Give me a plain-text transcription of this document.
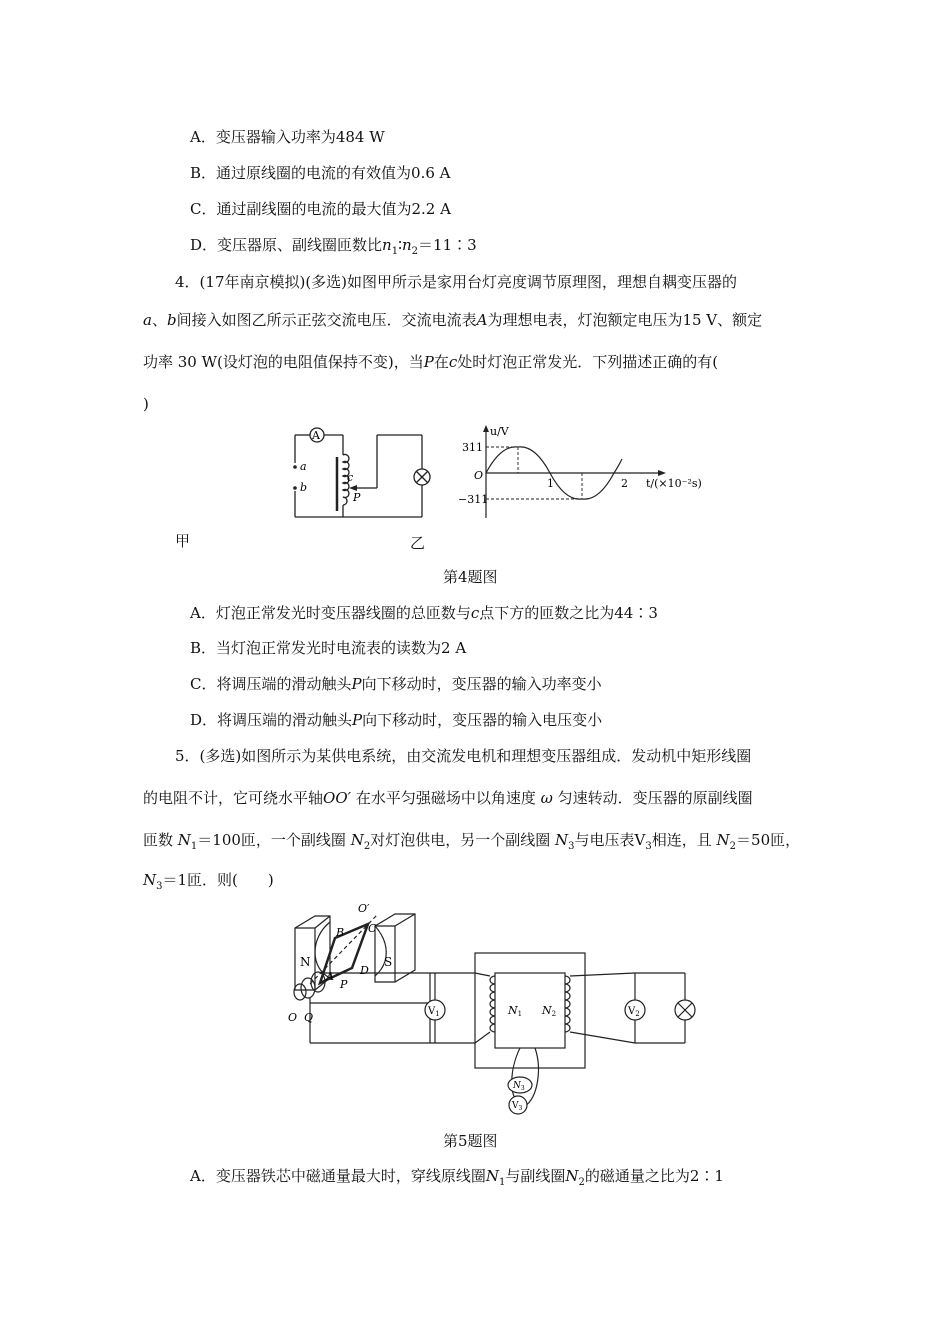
A．变压器输入功率为484 W
B．通过原线圈的电流的有效值为0.6 A
C．通过副线圈的电流的最大值为2.2 A
D．变压器原、副线圈匝数比$n_1∶n_2=11∶3$
4．(17年南京模拟)(多选)如图甲所示是家用台灯亮度调节原理图，理想自耦变压器的
a、b间接入如图乙所示正弦交流电压．交流电流表A为理想电表，灯泡额定电压为15 V、额定
功率 30 W(设灯泡的电阻值保持不变)，当P在c处时灯泡正常发光．下列描述正确的有(
)
A
a
b
c
P
u/V
311
−311
O
1	2 t/(×10⁻²s)
甲	乙
第4题图
A．灯泡正常发光时变压器线圈的总匝数与c点下方的匝数之比为44∶3
B．当灯泡正常发光时电流表的读数为2 A
C．将调压端的滑动触头P向下移动时，变压器的输入功率变小
D．将调压端的滑动触头P向下移动时，变压器的输入电压变小
5．(多选)如图所示为某供电系统，由交流发电机和理想变压器组成．发动机中矩形线圈
的电阻不计，它可绕水平轴OO′ 在水平匀强磁场中以角速度 ω 匀速转动．变压器的原副线圈
匝数 $N_1=100$匝，一个副线圈 $N_2$对灯泡供电，另一个副线圈 $N_3$与电压表$V_3$相连，且 $N_2=50$匝，
$N_3=1$匝．则(　　)
O′
B C
N	S
A D
P
O Q	$V_1$	N1 N2	$V_2$
$N_3$
$V_3$
第5题图
A．变压器铁芯中磁通量最大时，穿线原线圈$N_1$与副线圈$N_2$的磁通量之比为2∶1
